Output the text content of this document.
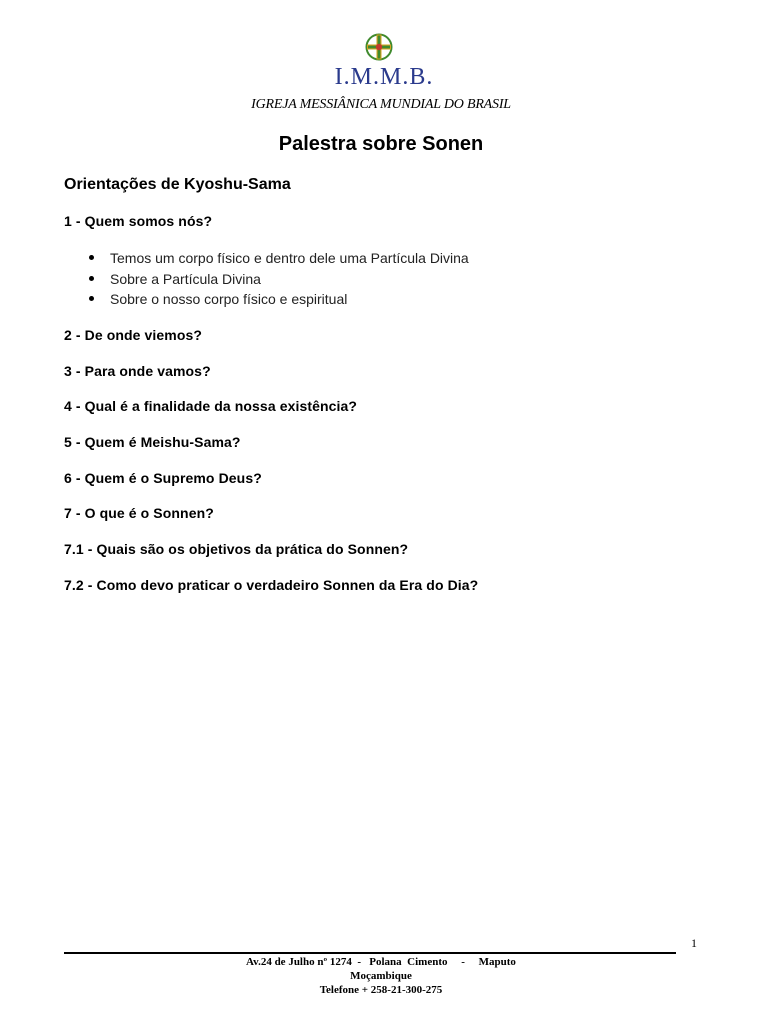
I.M.M.B.
IGREJA MESSIÂNICA MUNDIAL DO BRASIL
Palestra sobre Sonen
Orientações de Kyoshu-Sama
1 - Quem somos nós?
Temos um corpo físico e dentro dele uma Partícula Divina
Sobre a Partícula Divina
Sobre o nosso corpo físico e espiritual
2 - De onde viemos?
3 - Para onde vamos?
4 - Qual é a finalidade da nossa existência?
5 - Quem é Meishu-Sama?
6 - Quem é o Supremo Deus?
7 - O que é o Sonnen?
7.1 - Quais são os objetivos da prática do Sonnen?
7.2 - Como devo praticar o verdadeiro Sonnen da Era do Dia?
1
Av.24 de Julho nº 1274  -   Polana  Cimento     -     Maputo
Moçambique
Telefone + 258-21-300-275
